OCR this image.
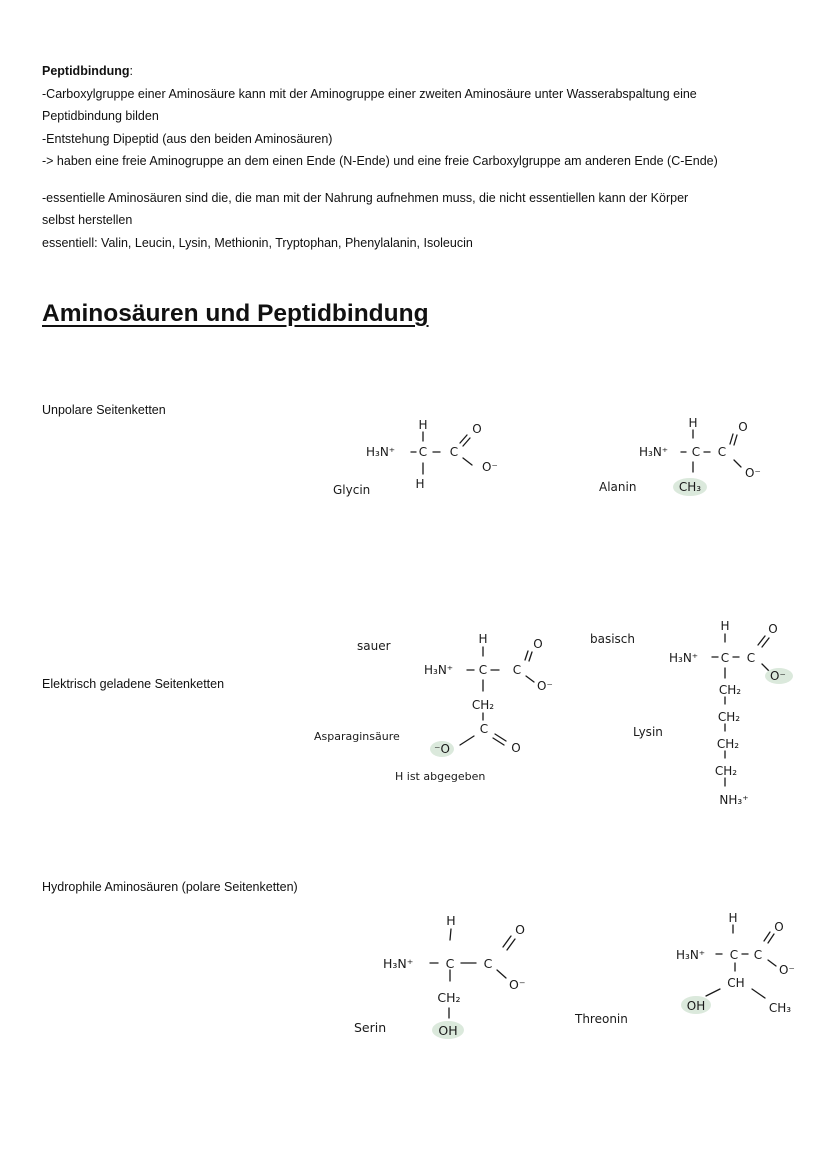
Peptidbindung:

-Carboxylgruppe einer Aminosäure kann mit der Aminogruppe einer zweiten Aminosäure unter Wasserabspaltung eine

Peptidbindung bilden

-Entstehung Dipeptid (aus den beiden Aminosäuren)

-> haben eine freie Aminogruppe an dem einen Ende (N-Ende) und eine freie Carboxylgruppe am anderen Ende (C-Ende)

-essentielle Aminosäuren sind die, die man mit der Nahrung aufnehmen muss, die nicht essentiellen kann der Körper

selbst herstellen

essentiell: Valin, Leucin, Lysin, Methionin, Tryptophan, Phenylalanin, Isoleucin

Aminosäuren und Peptidbindung
Unpolare Seitenketten
Elektrisch geladene Seitenketten
Hydrophile Aminosäuren (polare Seitenketten)
H
H₃N⁺ C C
O
O⁻
H
Glycin
H
H₃N⁺ C C
O
O⁻
CH₃
Alanin
sauer	H
H₃N⁺ C C
O
O⁻
CH₂
C
⁻O	O
Asparaginsäure
H ist abgegeben
basisch
H
H₃N⁺ C C
O
O⁻
CH₂
CH₂
CH₂
CH₂
NH₃⁺
Lysin
H
H₃N⁺	C C
O
O⁻
CH₂
OH
Serin
H
H₃N⁺ C C
O
O⁻
CH
OH	CH₃
Threonin
